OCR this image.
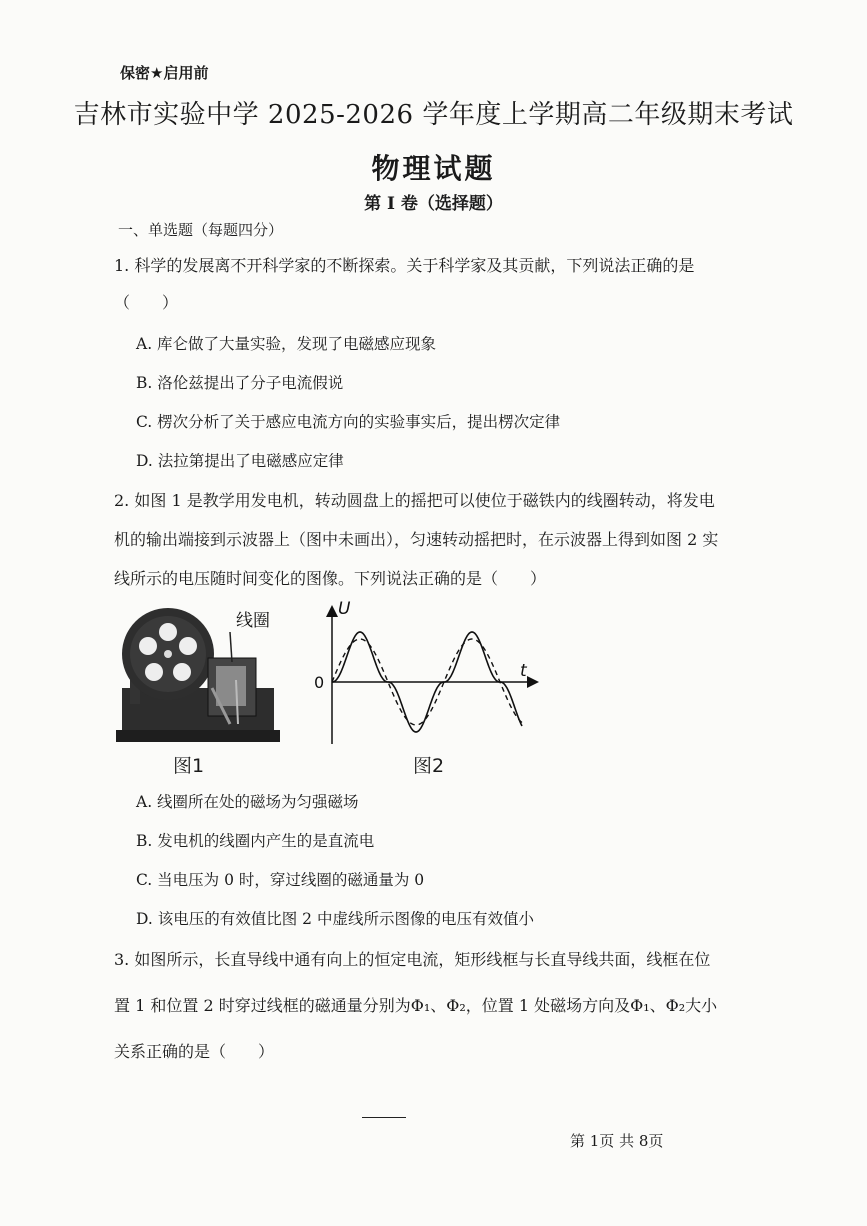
保密★启用前
吉林市实验中学 2025-2026 学年度上学期高二年级期末考试
物理试题
第 I 卷（选择题）
一、单选题（每题四分）
1. 科学的发展离不开科学家的不断探索。关于科学家及其贡献，下列说法正确的是
（　　）
A. 库仑做了大量实验，发现了电磁感应现象
B. 洛伦兹提出了分子电流假说
C. 楞次分析了关于感应电流方向的实验事实后，提出楞次定律
D. 法拉第提出了电磁感应定律
2. 如图 1 是教学用发电机，转动圆盘上的摇把可以使位于磁铁内的线圈转动，将发电
机的输出端接到示波器上（图中未画出），匀速转动摇把时，在示波器上得到如图 2 实
线所示的电压随时间变化的图像。下列说法正确的是（　　）
线圈
图1
U
t
0
图2
A. 线圈所在处的磁场为匀强磁场
B. 发电机的线圈内产生的是直流电
C. 当电压为 0 时，穿过线圈的磁通量为 0
D. 该电压的有效值比图 2 中虚线所示图像的电压有效值小
3. 如图所示，长直导线中通有向上的恒定电流，矩形线框与长直导线共面，线框在位
置 1 和位置 2 时穿过线框的磁通量分别为Φ₁、Φ₂，位置 1 处磁场方向及Φ₁、Φ₂大小
关系正确的是（　　）
第 1页 共 8页
